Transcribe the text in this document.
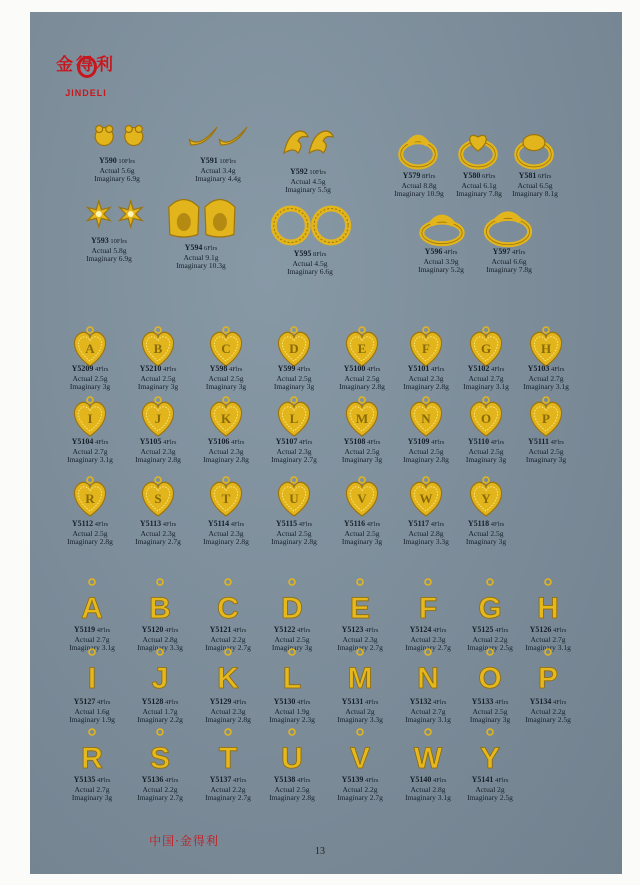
金得利
JINDELI
Y590 10Flrs
Actual 5.6g
Imaginary 6.9g
Y591 10Flrs
Actual 3.4g
Imaginary 4.4g
Y592 10Flrs
Actual 4.5g
Imaginary 5.5g
Y579 8Flrs
Actual 8.8g
Imaginary 10.9g
Y580 6Flrs
Actual 6.1g
Imaginary 7.8g
Y581 6Flrs
Actual 6.5g
Imaginary 8.1g
Y593 10Flrs
Actual 5.8g
Imaginary 6.9g
Y594 6Flrs
Actual 9.1g
Imaginary 10.3g
Y595 8Flrs
Actual 4.5g
Imaginary 6.6g
Y596 4Flrs
Actual 3.9g
Imaginary 5.2g
Y597 4Flrs
Actual 6.6g
Imaginary 7.8g
A
Y5209 4Flrs
Actual 2.5g
Imaginary 3g
B
Y5210 4Flrs
Actual 2.5g
Imaginary 3g
C
Y598 4Flrs
Actual 2.5g
Imaginary 3g
D
Y599 4Flrs
Actual 2.5g
Imaginary 3g
E
Y5100 4Flrs
Actual 2.5g
Imaginary 2.8g
F
Y5101 4Flrs
Actual 2.3g
Imaginary 2.8g
G
Y5102 4Flrs
Actual 2.7g
Imaginary 3.1g
H
Y5103 4Flrs
Actual 2.7g
Imaginary 3.1g
I
Y5104 4Flrs
Actual 2.7g
Imaginary 3.1g
J
Y5105 4Flrs
Actual 2.3g
Imaginary 2.8g
K
Y5106 4Flrs
Actual 2.3g
Imaginary 2.8g
L
Y5107 4Flrs
Actual 2.3g
Imaginary 2.7g
M
Y5108 4Flrs
Actual 2.5g
Imaginary 3g
N
Y5109 4Flrs
Actual 2.5g
Imaginary 2.8g
O
Y5110 4Flrs
Actual 2.5g
Imaginary 3g
P
Y5111 4Flrs
Actual 2.5g
Imaginary 3g
R
Y5112 4Flrs
Actual 2.5g
Imaginary 2.8g
S
Y5113 4Flrs
Actual 2.3g
Imaginary 2.7g
T
Y5114 4Flrs
Actual 2.3g
Imaginary 2.8g
U
Y5115 4Flrs
Actual 2.5g
Imaginary 2.8g
V
Y5116 4Flrs
Actual 2.5g
Imaginary 3g
W
Y5117 4Flrs
Actual 2.8g
Imaginary 3.3g
Y
Y5118 4Flrs
Actual 2.5g
Imaginary 3g
A
Y5119 4Flrs
Actual 2.7g
Imaginary 3.1g
B
Y5120 4Flrs
Actual 2.8g
Imaginary 3.3g
C
Y5121 4Flrs
Actual 2.2g
Imaginary 2.7g
D
Y5122 4Flrs
Actual 2.5g
Imaginary 3g
E
Y5123 4Flrs
Actual 2.3g
Imaginary 2.7g
F
Y5124 4Flrs
Actual 2.3g
Imaginary 2.7g
G
Y5125 4Flrs
Actual 2.2g
Imaginary 2.5g
H
Y5126 4Flrs
Actual 2.7g
Imaginary 3.1g
I
Y5127 4Flrs
Actual 1.6g
Imaginary 1.9g
J
Y5128 4Flrs
Actual 1.7g
Imaginary 2.2g
K
Y5129 4Flrs
Actual 2.3g
Imaginary 2.8g
L
Y5130 4Flrs
Actual 1.9g
Imaginary 2.3g
M
Y5131 4Flrs
Actual 2g
Imaginary 3.3g
N
Y5132 4Flrs
Actual 2.7g
Imaginary 3.1g
O
Y5133 4Flrs
Actual 2.5g
Imaginary 3g
P
Y5134 4Flrs
Actual 2.2g
Imaginary 2.5g
R
Y5135 4Flrs
Actual 2.7g
Imaginary 3g
S
Y5136 4Flrs
Actual 2.2g
Imaginary 2.7g
T
Y5137 4Flrs
Actual 2.2g
Imaginary 2.7g
U
Y5138 4Flrs
Actual 2.5g
Imaginary 2.8g
V
Y5139 4Flrs
Actual 2.2g
Imaginary 2.7g
W
Y5140 4Flrs
Actual 2.8g
Imaginary 3.1g
Y
Y5141 4Flrs
Actual 2g
Imaginary 2.5g
中国·金得利
13
